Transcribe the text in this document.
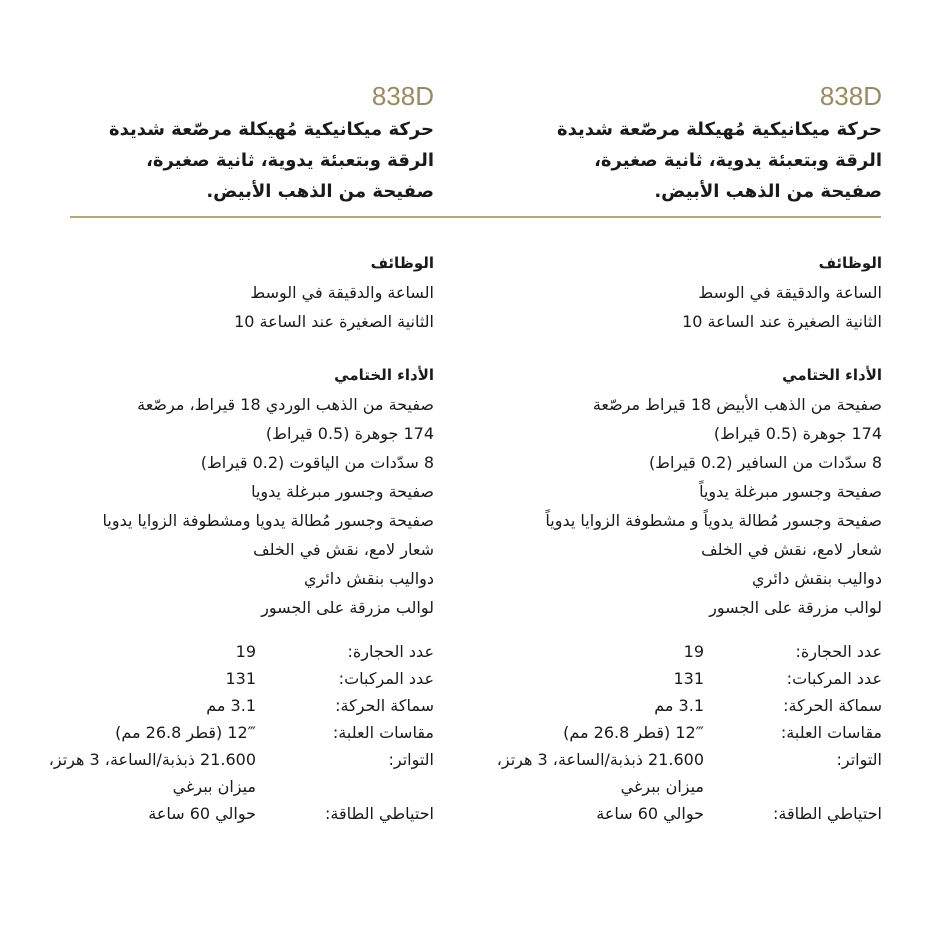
838D
حركة ميكانيكية مُهيكلة مرصّعة شديدة
الرقة وبتعبئة يدوية، ثانية صغيرة،
صفيحة من الذهب الأبيض.
الوظائف
الساعة والدقيقة في الوسط
الثانية الصغيرة عند الساعة 10
الأداء الختامي
صفيحة من الذهب الأبيض 18 قيراط مرصّعة
174 جوهرة (0.5 قيراط)
8 سدّدات من السافير (0.2 قيراط)
صفيحة وجسور مبرغلة يدوياً
صفيحة وجسور مُطالة يدوياً و مشطوفة الزوايا يدوياً
شعار لامع، نقش في الخلف
دواليب بنقش دائري
لوالب مزرقة على الجسور
عدد الحجارة:
19
عدد المركبات:
131
سماكة الحركة:
3.1 مم
مقاسات العلبة:
12‴ (قطر 26.8 مم)
التواتر:
21.600 ذبذبة/الساعة، 3 هرتز،
ميزان ببرغي
احتياطي الطاقة:
حوالي 60 ساعة
838D
حركة ميكانيكية مُهيكلة مرصّعة شديدة
الرقة وبتعبئة يدوية، ثانية صغيرة،
صفيحة من الذهب الأبيض.
الوظائف
الساعة والدقيقة في الوسط
الثانية الصغيرة عند الساعة 10
الأداء الختامي
صفيحة من الذهب الوردي 18 قيراط، مرصّعة
174 جوهرة (0.5 قيراط)
8 سدّدات من الياقوت (0.2 قيراط)
صفيحة وجسور مبرغلة يدويا
صفيحة وجسور مُطالة يدويا ومشطوفة الزوايا يدويا
شعار لامع، نقش في الخلف
دواليب بنقش دائري
لوالب مزرقة على الجسور
عدد الحجارة:
19
عدد المركبات:
131
سماكة الحركة:
3.1 مم
مقاسات العلبة:
12‴ (قطر 26.8 مم)
التواتر:
21.600 ذبذبة/الساعة، 3 هرتز،
ميزان ببرغي
احتياطي الطاقة:
حوالي 60 ساعة
